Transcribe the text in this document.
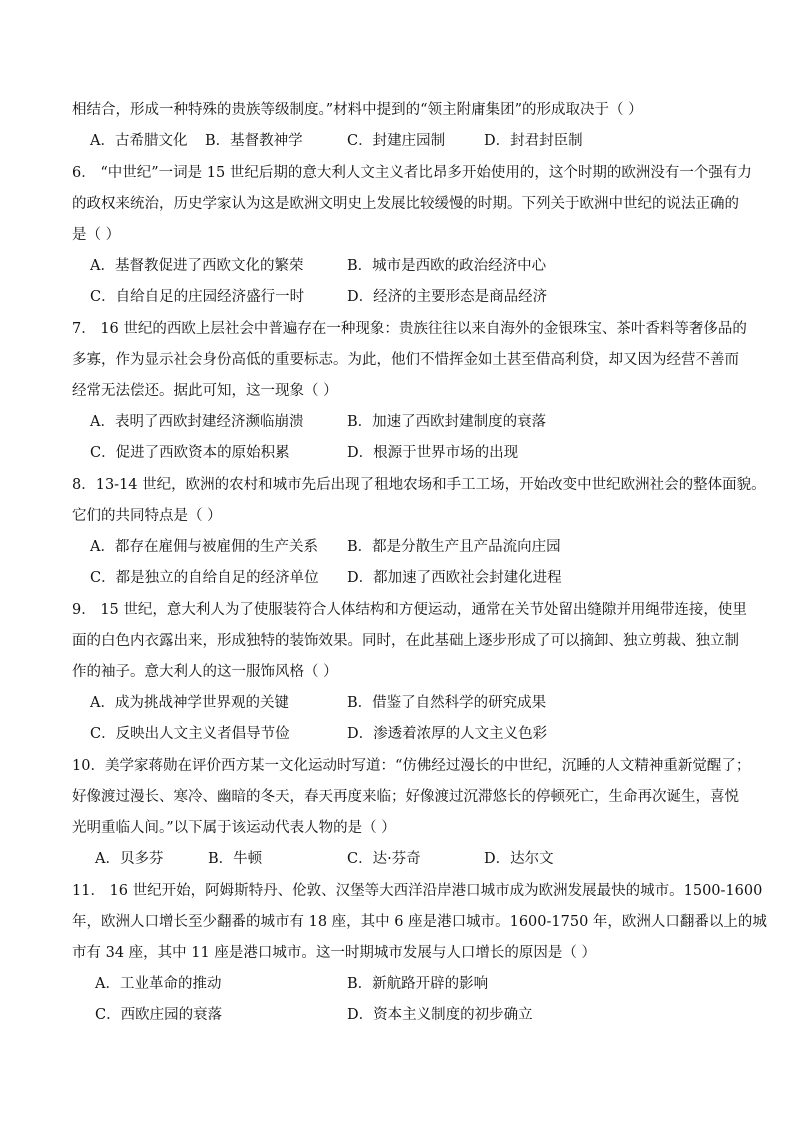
相结合，形成一种特殊的贵族等级制度。”材料中提到的“领主附庸集团”的形成取决于（ ）
A．古希腊文化 B．基督教神学	C．封建庄园制	D．封君封臣制
6． “中世纪”一词是 15 世纪后期的意大利人文主义者比昂多开始使用的，这个时期的欧洲没有一个强有力
的政权来统治，历史学家认为这是欧洲文明史上发展比较缓慢的时期。下列关于欧洲中世纪的说法正确的
是（ ）
A．基督教促进了西欧文化的繁荣	B．城市是西欧的政治经济中心
C．自给自足的庄园经济盛行一时	D．经济的主要形态是商品经济
7． 16 世纪的西欧上层社会中普遍存在一种现象：贵族往往以来自海外的金银珠宝、茶叶香料等奢侈品的
多寡，作为显示社会身份高低的重要标志。为此，他们不惜挥金如土甚至借高利贷，却又因为经营不善而
经常无法偿还。据此可知，这一现象（ ）
A．表明了西欧封建经济濒临崩溃	B．加速了西欧封建制度的衰落
C．促进了西欧资本的原始积累	D．根源于世界市场的出现
8．13-14 世纪，欧洲的农村和城市先后出现了租地农场和手工工场，开始改变中世纪欧洲社会的整体面貌。
它们的共同特点是（ ）
A．都存在雇佣与被雇佣的生产关系 B．都是分散生产且产品流向庄园
C．都是独立的自给自足的经济单位 D．都加速了西欧社会封建化进程
9． 15 世纪，意大利人为了使服装符合人体结构和方便运动，通常在关节处留出缝隙并用绳带连接，使里
面的白色内衣露出来，形成独特的装饰效果。同时，在此基础上逐步形成了可以摘卸、独立剪裁、独立制
作的袖子。意大利人的这一服饰风格（ ）
A．成为挑战神学世界观的关键	B．借鉴了自然科学的研究成果
C．反映出人文主义者倡导节俭	D．渗透着浓厚的人文主义色彩
10．美学家蒋勋在评价西方某一文化运动时写道：“仿佛经过漫长的中世纪，沉睡的人文精神重新觉醒了；
好像渡过漫长、寒冷、幽暗的冬天，春天再度来临；好像渡过沉滞悠长的停顿死亡，生命再次诞生，喜悦
光明重临人间。”以下属于该运动代表人物的是（ ）
A．贝多芬	B．牛顿	C．达·芬奇	D．达尔文
11． 16 世纪开始，阿姆斯特丹、伦敦、汉堡等大西洋沿岸港口城市成为欧洲发展最快的城市。1500-1600
年，欧洲人口增长至少翻番的城市有 18 座，其中 6 座是港口城市。1600-1750 年，欧洲人口翻番以上的城
市有 34 座，其中 11 座是港口城市。这一时期城市发展与人口增长的原因是（ ）
A．工业革命的推动	B．新航路开辟的影响
C．西欧庄园的衰落	D．资本主义制度的初步确立
